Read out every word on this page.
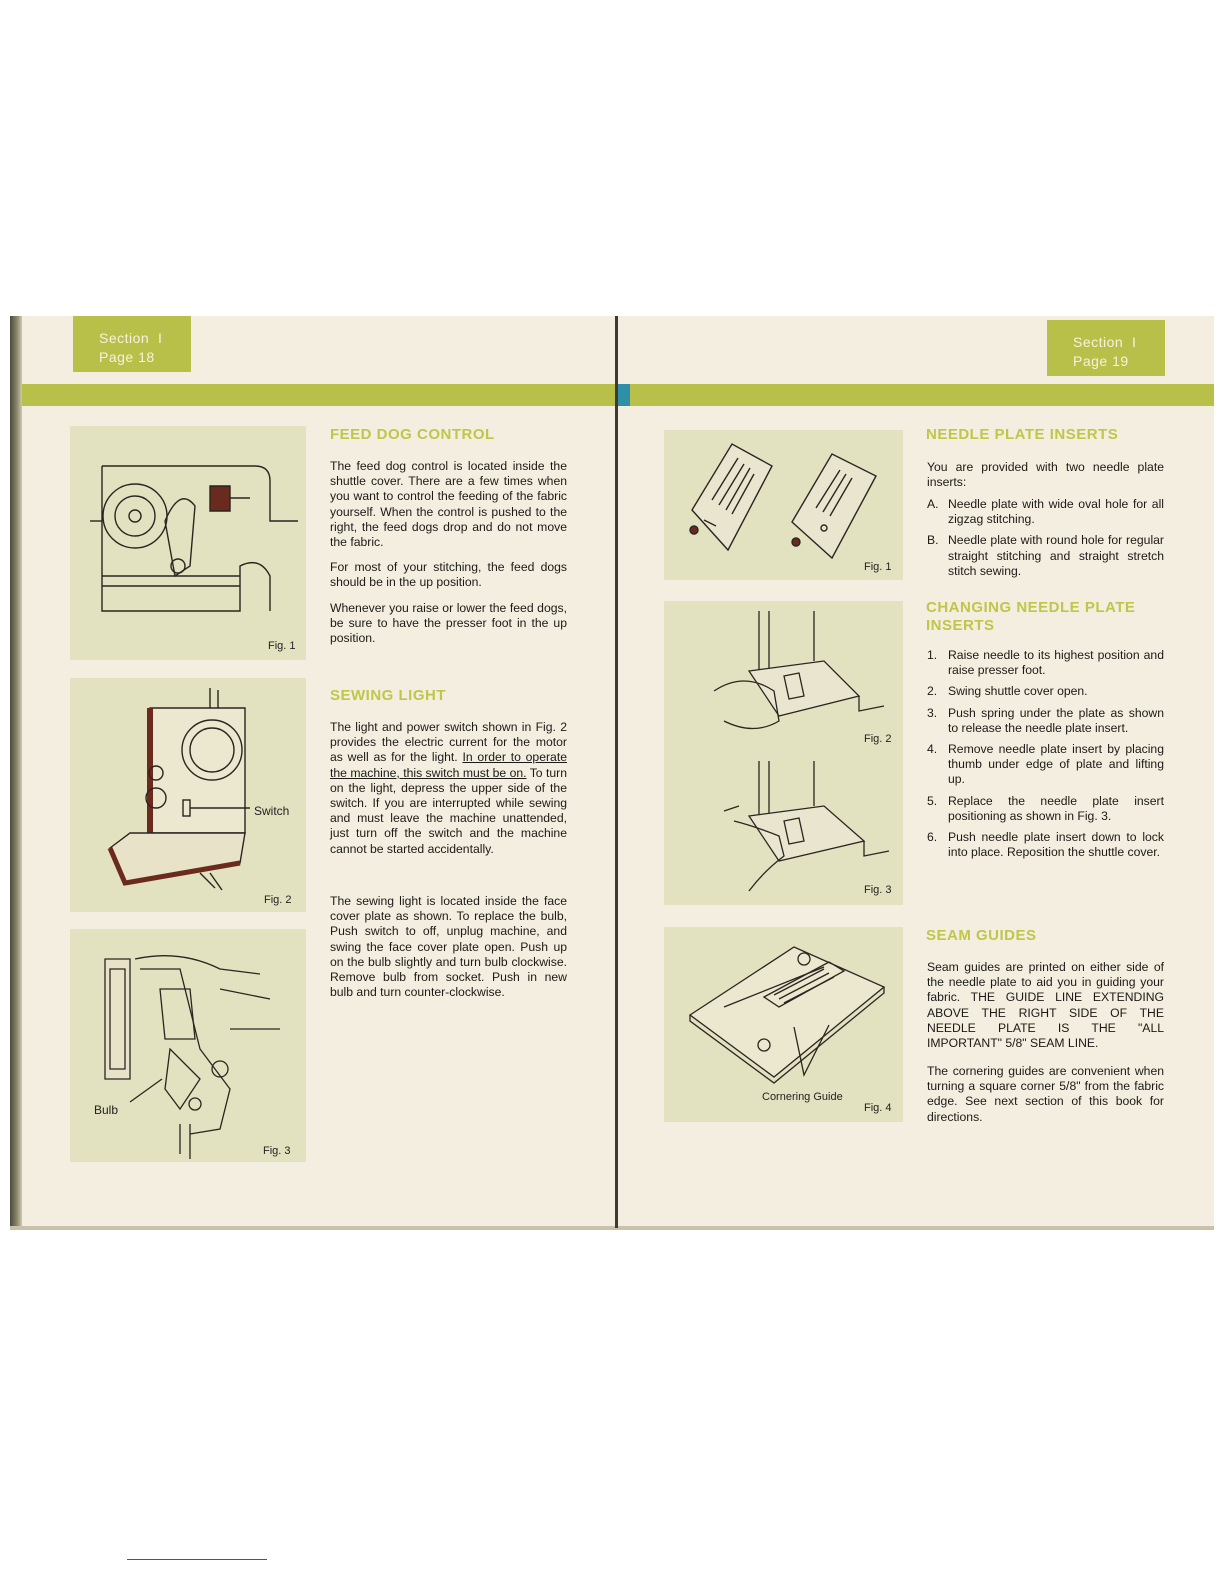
Section I
Page 18
Section I
Page 19
Fig. 1
Switch
Fig. 2
Bulb
Fig. 3
FEED DOG CONTROL

The feed dog control is located inside the shuttle cover. There are a few times when you want to control the feeding of the fabric yourself. When the control is pushed to the right, the feed dogs drop and do not move the fabric.

For most of your stitching, the feed dogs should be in the up position.

Whenever you raise or lower the feed dogs, be sure to have the presser foot in the up position.

SEWING LIGHT

The light and power switch shown in Fig. 2 provides the electric current for the motor as well as for the light. In order to operate the machine, this switch must be on. To turn on the light, depress the upper side of the switch. If you are interrupted while sewing and must leave the machine unattended, just turn off the switch and the machine cannot be started accidentally.

The sewing light is located inside the face cover plate as shown. To replace the bulb, Push switch to off, unplug machine, and swing the face cover plate open. Push up on the bulb slightly and turn bulb clockwise. Remove bulb from socket. Push in new bulb and turn counter-clockwise.

Fig. 1
Fig. 2
Fig. 3
Cornering Guide
Fig. 4
NEEDLE PLATE INSERTS

You are provided with two needle plate inserts:

A. Needle plate with wide oval hole for all zigzag stitching.
B. Needle plate with round hole for regular straight stitching and straight stretch stitch sewing.
CHANGING NEEDLE PLATE
INSERTS
1. Raise needle to its highest position and raise presser foot.
2. Swing shuttle cover open.
3. Push spring under the plate as shown to release the needle plate insert.
4. Remove needle plate insert by placing thumb under edge of plate and lifting up.
5. Replace the needle plate insert positioning as shown in Fig. 3.
6. Push needle plate insert down to lock into place. Reposition the shuttle cover.
SEAM GUIDES

Seam guides are printed on either side of the needle plate to aid you in guiding your fabric. THE GUIDE LINE EXTENDING ABOVE THE RIGHT SIDE OF THE NEEDLE PLATE IS THE "ALL IMPORTANT" 5/8" SEAM LINE.

The cornering guides are convenient when turning a square corner 5/8" from the fabric edge. See next section of this book for directions.
